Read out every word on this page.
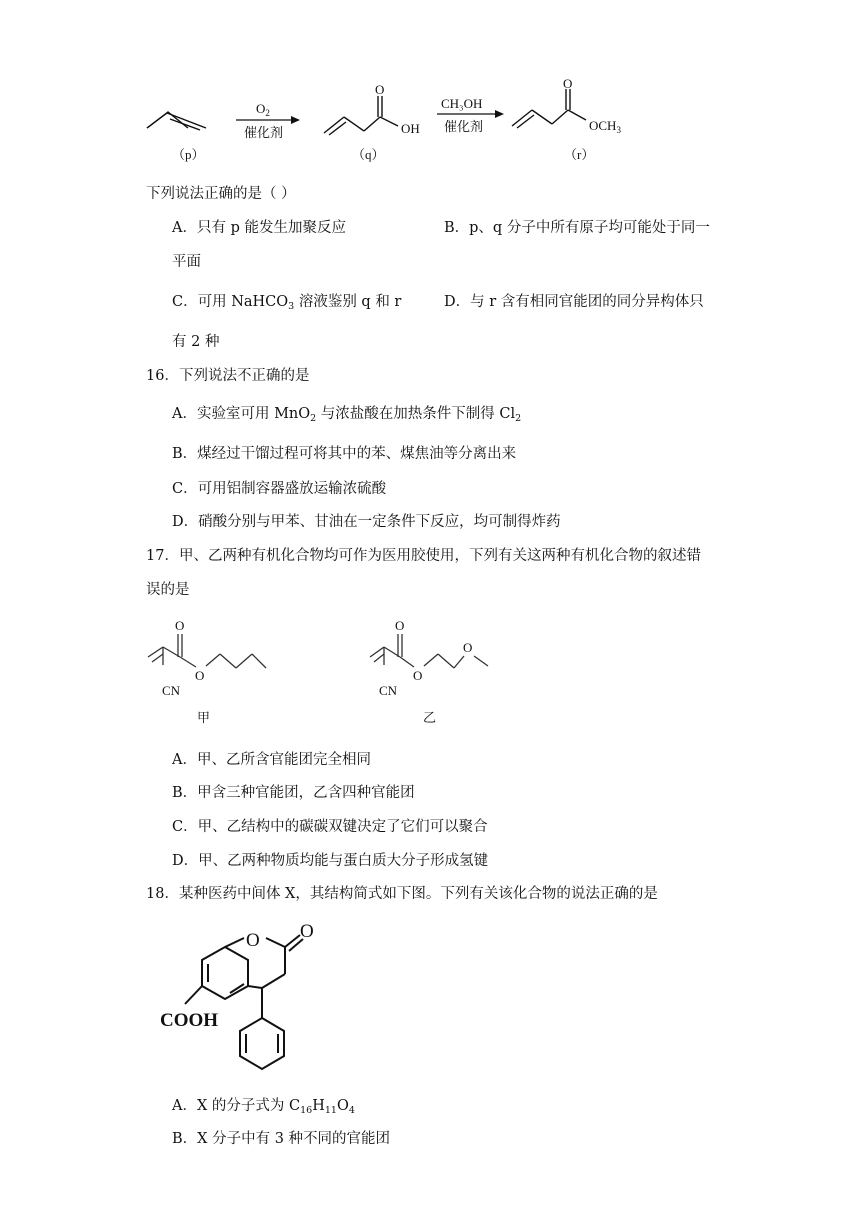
$O_2$
催化剂
O
OH
CH₃OH
催化剂
O
$OCH_3$
（p）	（q）	（r）
下列说法正确的是（ ）
A．只有 p 能发生加聚反应	B．p、q 分子中所有原子均可能处于同一
平面
C．可用 NaHCO$_3$ 溶液鉴别 q 和 r	D．与 r 含有相同官能团的同分异构体只
有 2 种
16．下列说法不正确的是
A．实验室可用 MnO$_2$ 与浓盐酸在加热条件下制得 $Cl_2$
B．煤经过干馏过程可将其中的苯、煤焦油等分离出来
C．可用铝制容器盛放运输浓硫酸
D．硝酸分别与甲苯、甘油在一定条件下反应，均可制得炸药
17．甲、乙两种有机化合物均可作为医用胶使用，下列有关这两种有机化合物的叙述错
误的是
O
O
CN
甲
O
O
O
CN
乙
A．甲、乙所含官能团完全相同
B．甲含三种官能团，乙含四种官能团
C．甲、乙结构中的碳碳双键决定了它们可以聚合
D．甲、乙两种物质均能与蛋白质大分子形成氢键
18．某种医药中间体 X，其结构简式如下图。下列有关该化合物的说法正确的是
O O
COOH
A．X 的分子式为 $C_{16}H_{11}O_4$
B．X 分子中有 3 种不同的官能团
